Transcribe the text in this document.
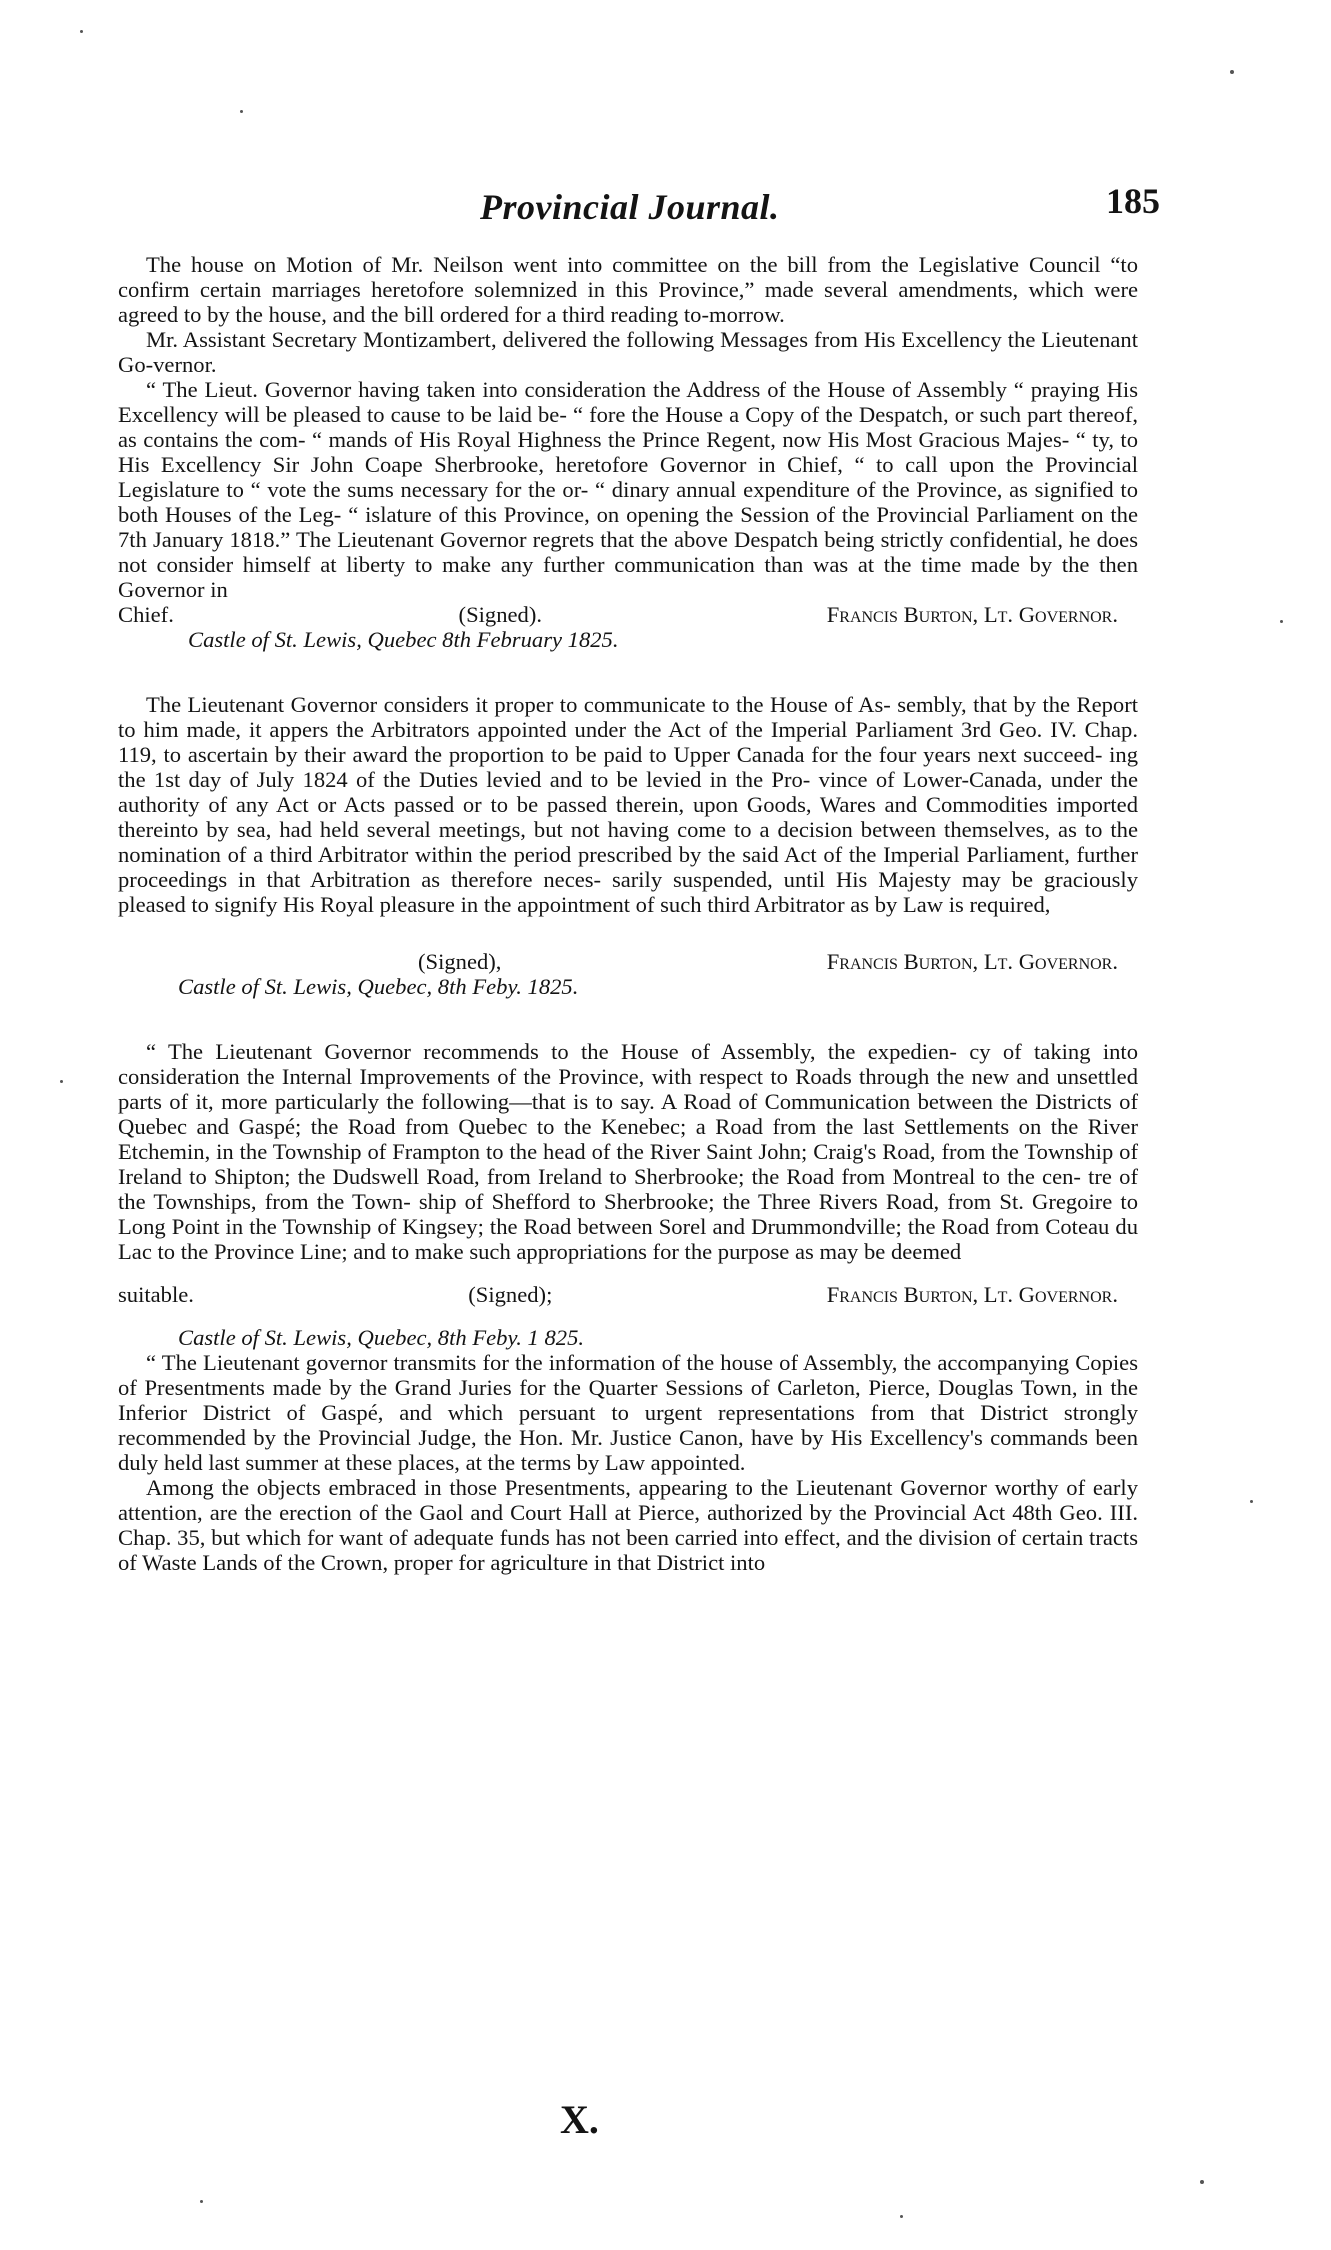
Provincial Journal.	185

The house on Motion of Mr. Neilson went into committee on the bill from the Legislative Council “to confirm certain marriages heretofore solemnized in this Province,” made several amendments, which were agreed to by the house, and the bill ordered for a third reading to-morrow.

Mr. Assistant Secretary Montizambert, delivered the following Messages from His Excellency the Lieutenant Go-vernor.

“ The Lieut. Governor having taken into consideration the Address of the House of Assembly “ praying His Excellency will be pleased to cause to be laid be- “ fore the House a Copy of the Despatch, or such part thereof, as contains the com- “ mands of His Royal Highness the Prince Regent, now His Most Gracious Majes- “ ty, to His Excellency Sir John Coape Sherbrooke, heretofore Governor in Chief, “ to call upon the Provincial Legislature to “ vote the sums necessary for the or- “ dinary annual expenditure of the Province, as signified to both Houses of the Leg- “ islature of this Province, on opening the Session of the Provincial Parliament on the 7th January 1818.” The Lieutenant Governor regrets that the above Despatch being strictly confidential, he does not consider himself at liberty to make any further communication than was at the time made by the then Governor in

Chief.	(Signed).	Francis Burton, Lt. Governor.
Castle of St. Lewis, Quebec 8th February 1825.

The Lieutenant Governor considers it proper to communicate to the House of As- sembly, that by the Report to him made, it appers the Arbitrators appointed under the Act of the Imperial Parliament 3rd Geo. IV. Chap. 119, to ascertain by their award the proportion to be paid to Upper Canada for the four years next succeed- ing the 1st day of July 1824 of the Duties levied and to be levied in the Pro- vince of Lower-Canada, under the authority of any Act or Acts passed or to be passed therein, upon Goods, Wares and Commodities imported thereinto by sea, had held several meetings, but not having come to a decision between themselves, as to the nomination of a third Arbitrator within the period prescribed by the said Act of the Imperial Parliament, further proceedings in that Arbitration as therefore neces- sarily suspended, until His Majesty may be graciously pleased to signify His Royal pleasure in the appointment of such third Arbitrator as by Law is required,

(Signed),	Francis Burton, Lt. Governor.
Castle of St. Lewis, Quebec, 8th Feby. 1825.

“ The Lieutenant Governor recommends to the House of Assembly, the expedien- cy of taking into consideration the Internal Improvements of the Province, with respect to Roads through the new and unsettled parts of it, more particularly the following—that is to say. A Road of Communication between the Districts of Quebec and Gaspé; the Road from Quebec to the Kenebec; a Road from the last Settlements on the River Etchemin, in the Township of Frampton to the head of the River Saint John; Craig's Road, from the Township of Ireland to Shipton; the Dudswell Road, from Ireland to Sherbrooke; the Road from Montreal to the cen- tre of the Townships, from the Town- ship of Shefford to Sherbrooke; the Three Rivers Road, from St. Gregoire to Long Point in the Township of Kingsey; the Road between Sorel and Drummondville; the Road from Coteau du Lac to the Province Line; and to make such appropriations for the purpose as may be deemed

suitable.	(Signed);	Francis Burton, Lt. Governor.
Castle of St. Lewis, Quebec, 8th Feby. 1 825.

“ The Lieutenant governor transmits for the information of the house of Assembly, the accompanying Copies of Presentments made by the Grand Juries for the Quarter Sessions of Carleton, Pierce, Douglas Town, in the Inferior District of Gaspé, and which persuant to urgent representations from that District strongly recommended by the Provincial Judge, the Hon. Mr. Justice Canon, have by His Excellency's commands been duly held last summer at these places, at the terms by Law appointed.

Among the objects embraced in those Presentments, appearing to the Lieutenant Governor worthy of early attention, are the erection of the Gaol and Court Hall at Pierce, authorized by the Provincial Act 48th Geo. III. Chap. 35, but which for want of adequate funds has not been carried into effect, and the division of certain tracts of Waste Lands of the Crown, proper for agriculture in that District into

X.
